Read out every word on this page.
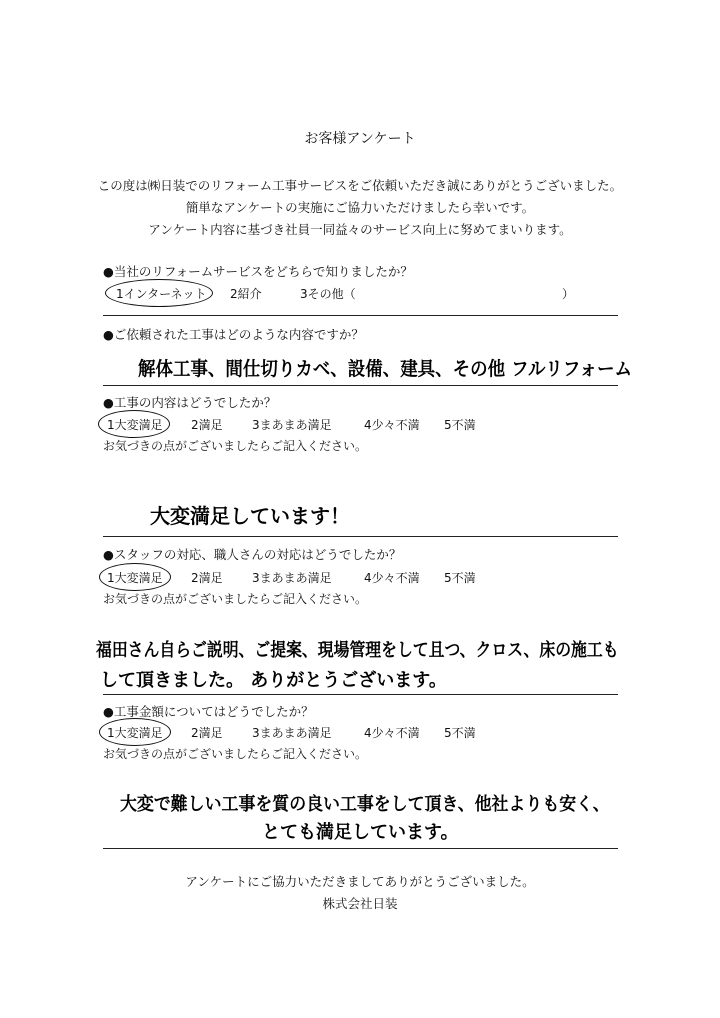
お客様アンケート
この度は㈱日装でのリフォーム工事サービスをご依頼いただき誠にありがとうございました。
簡単なアンケートの実施にご協力いただけましたら幸いです。
アンケート内容に基づき社員一同益々のサービス向上に努めてまいります。
●当社のリフォームサービスをどちらで知りましたか？
1インターネット 2紹介	3その他（	）
●ご依頼された工事はどのような内容ですか？
解体工事、間仕切りカベ、設備、建具、その他 フルリフォーム
●工事の内容はどうでしたか？
1大変満足 2満足 3まあまあ満足	4少々不満 5不満
お気づきの点がございましたらご記入ください。
大変満足しています！
●スタッフの対応、職人さんの対応はどうでしたか？
1大変満足 2満足 3まあまあ満足	4少々不満 5不満
お気づきの点がございましたらご記入ください。
福田さん自らご説明、ご提案、現場管理をして且つ、クロス、床の施工も
して頂きました。 ありがとうございます。
●工事金額についてはどうでしたか？
1大変満足 2満足 3まあまあ満足	4少々不満 5不満
お気づきの点がございましたらご記入ください。
大変で難しい工事を質の良い工事をして頂き、他社よりも安く、
とても満足しています。
アンケートにご協力いただきましてありがとうございました。
株式会社日装
